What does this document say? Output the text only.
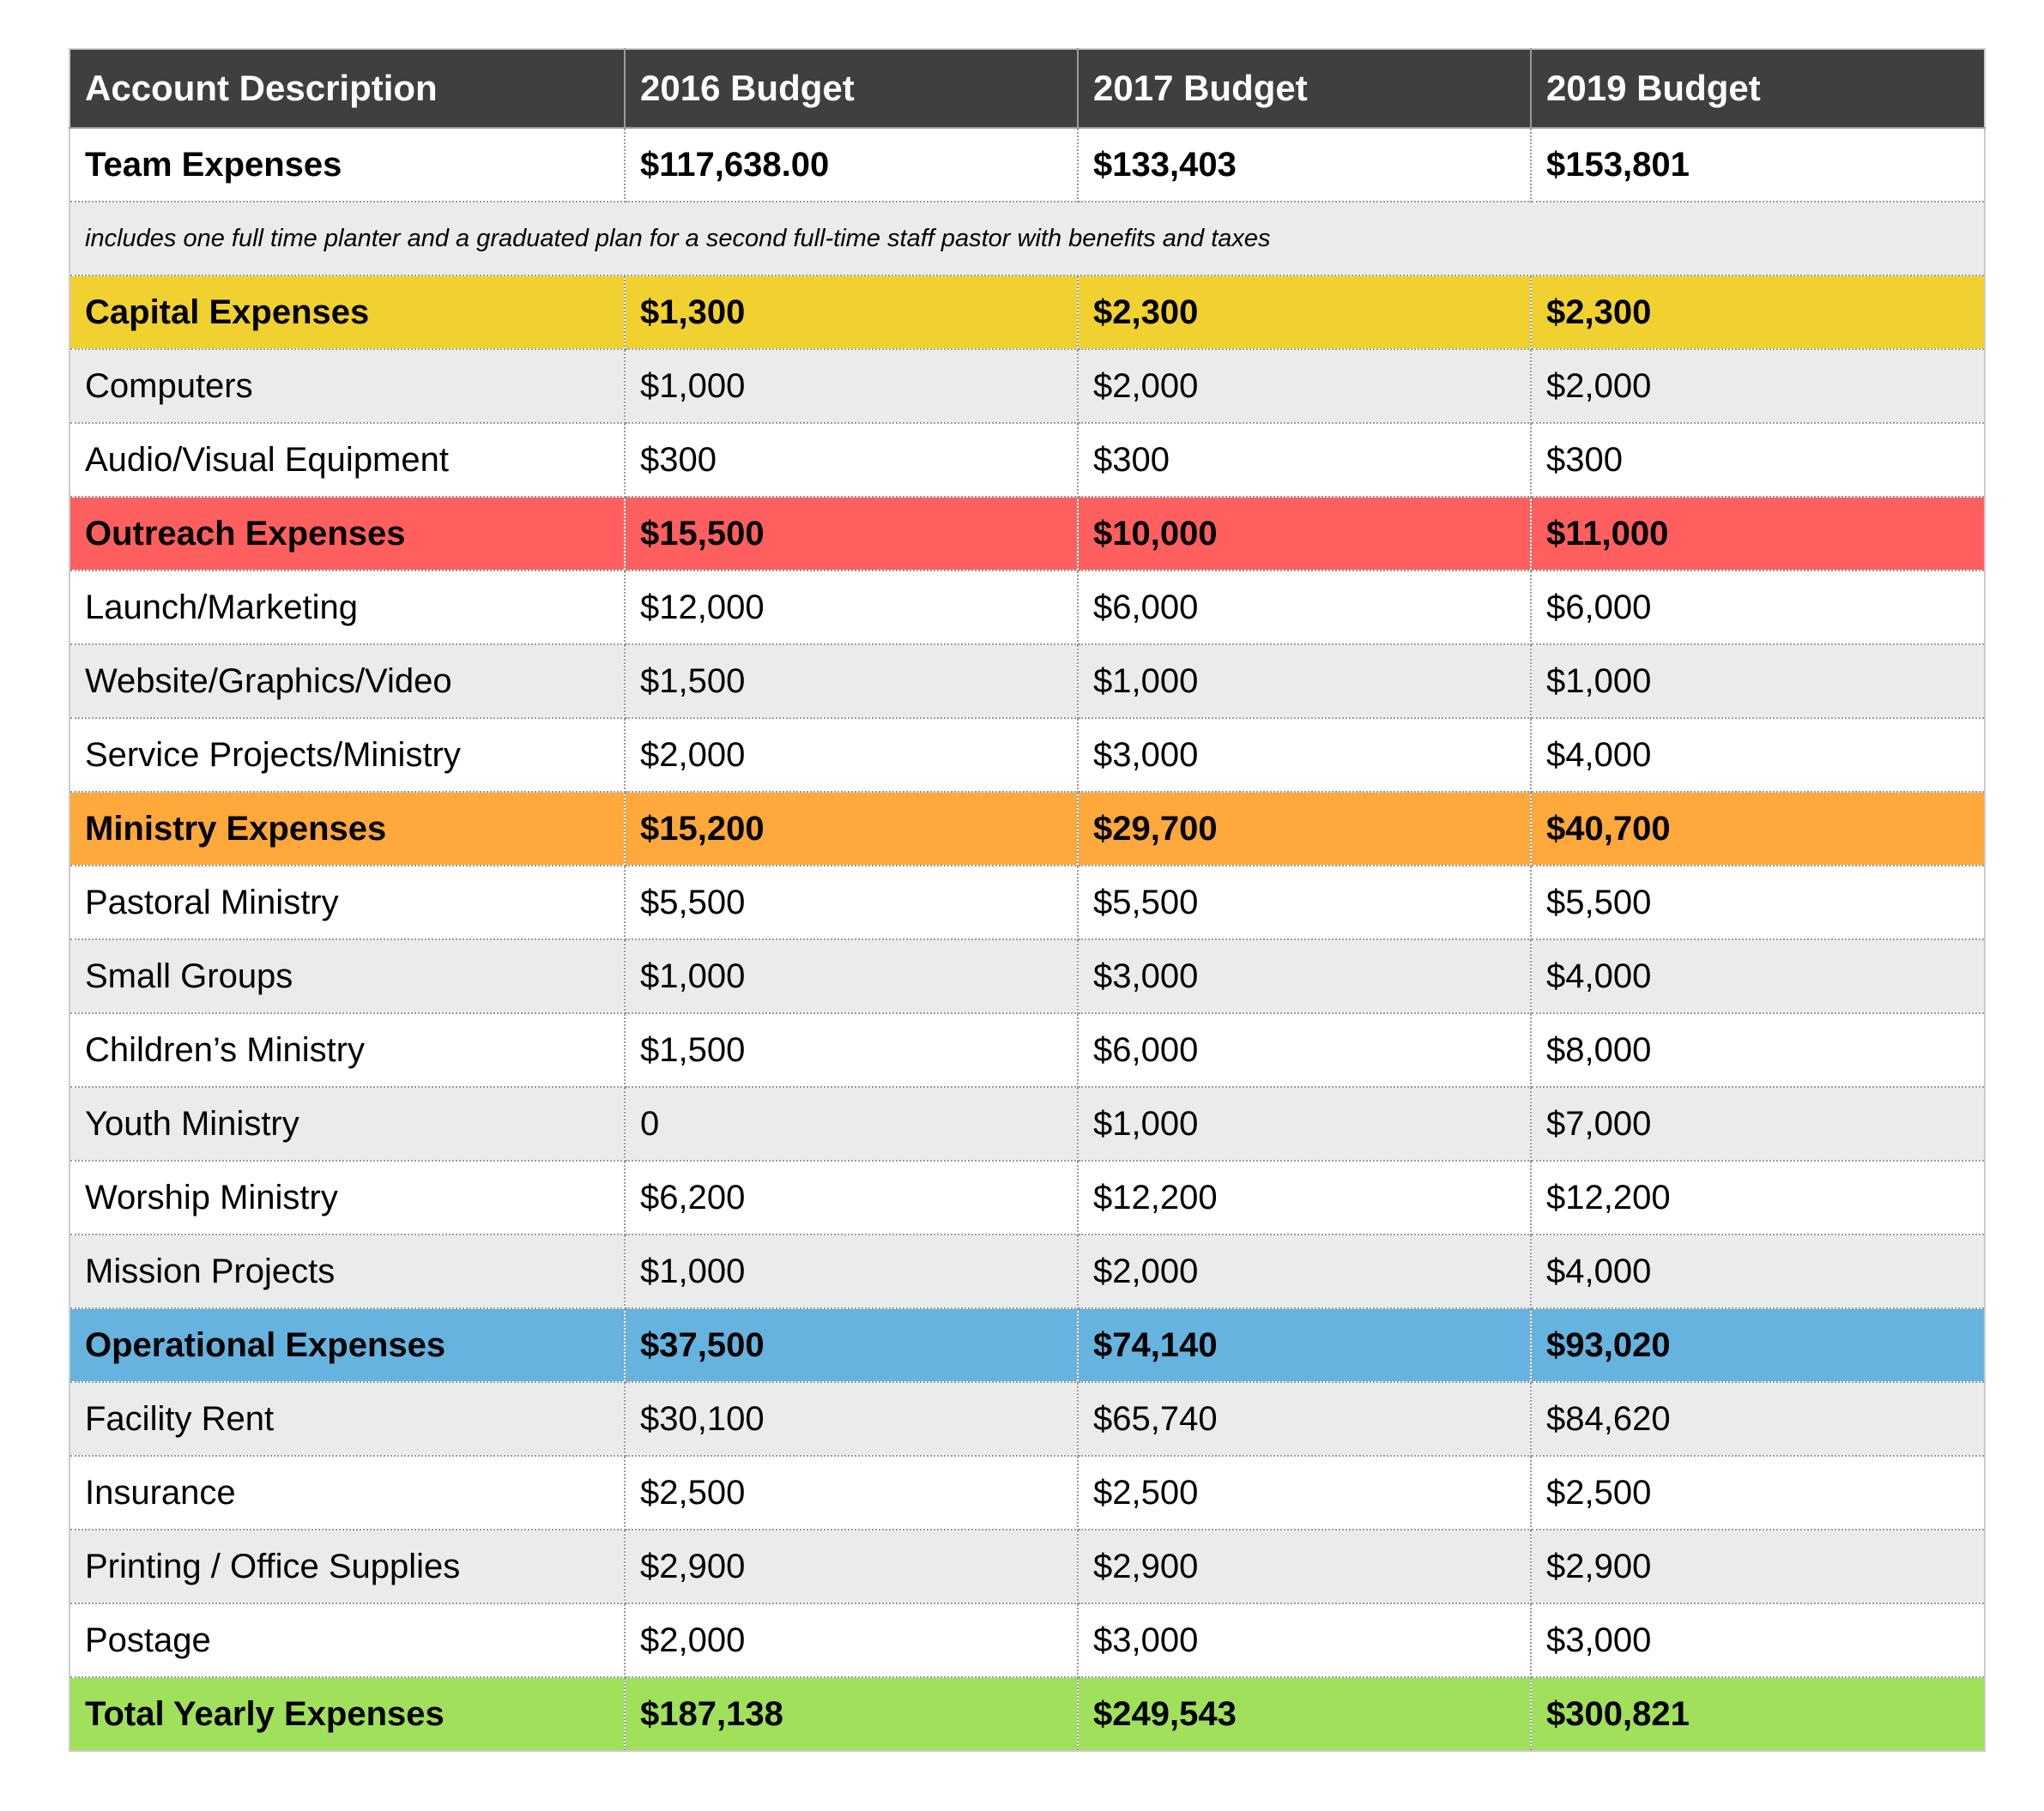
Account Description	2016 Budget	2017 Budget	2019 Budget
Team Expenses	$117,638.00	$133,403	$153,801
includes one full time planter and a graduated plan for a second full-time staff pastor with benefits and taxes			
Capital Expenses	$1,300	$2,300	$2,300
Computers	$1,000	$2,000	$2,000
Audio/Visual Equipment	$300	$300	$300
Outreach Expenses	$15,500	$10,000	$11,000
Launch/Marketing	$12,000	$6,000	$6,000
Website/Graphics/Video	$1,500	$1,000	$1,000
Service Projects/Ministry	$2,000	$3,000	$4,000
Ministry Expenses	$15,200	$29,700	$40,700
Pastoral Ministry	$5,500	$5,500	$5,500
Small Groups	$1,000	$3,000	$4,000
Children’s Ministry	$1,500	$6,000	$8,000
Youth Ministry	0	$1,000	$7,000
Worship Ministry	$6,200	$12,200	$12,200
Mission Projects	$1,000	$2,000	$4,000
Operational Expenses	$37,500	$74,140	$93,020
Facility Rent	$30,100	$65,740	$84,620
Insurance	$2,500	$2,500	$2,500
Printing / Office Supplies	$2,900	$2,900	$2,900
Postage	$2,000	$3,000	$3,000
Total Yearly Expenses	$187,138	$249,543	$300,821
